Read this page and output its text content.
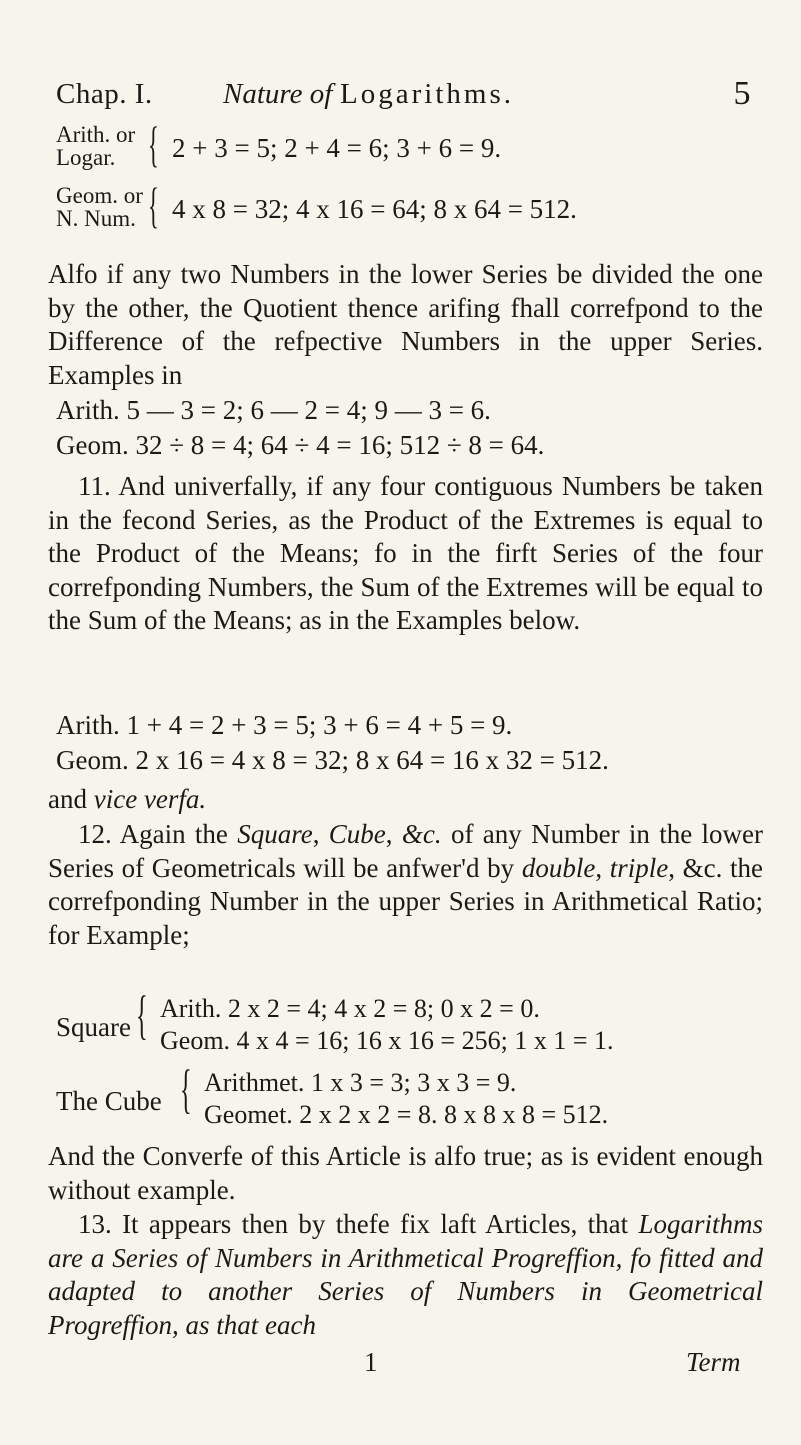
Chap. I. Nature of Logarithms.	5
Arith. or
Logar. { 2 + 3 = 5; 2 + 4 = 6; 3 + 6 = 9.
Geom. or
N. Num. { 4 x 8 = 32; 4 x 16 = 64; 8 x 64 = 512.

Alfo if any two Numbers in the lower Series be divided the one by the other, the Quotient thence arifing fhall correfpond to the Difference of the refpective Numbers in the upper Series. Examples in

Arith. 5 — 3 = 2; 6 — 2 = 4; 9 — 3 = 6.
Geom. 32 ÷ 8 = 4; 64 ÷ 4 = 16; 512 ÷ 8 = 64.

11. And univerfally, if any four contiguous Numbers be taken in the fecond Series, as the Product of the Extremes is equal to the Product of the Means; fo in the firft Series of the four correfponding Numbers, the Sum of the Extremes will be equal to the Sum of the Means; as in the Examples below.

Arith. 1 + 4 = 2 + 3 = 5; 3 + 6 = 4 + 5 = 9.
Geom. 2 x 16 = 4 x 8 = 32; 8 x 64 = 16 x 32 = 512.

and vice verfa.

12. Again the Square, Cube, &c. of any Number in the lower Series of Geometricals will be anfwer'd by double, triple, &c. the correfponding Number in the upper Series in Arithmetical Ratio; for Example;

Square { Arith. 2 x 2 = 4; 4 x 2 = 8; 0 x 2 = 0.
Geom. 4 x 4 = 16; 16 x 16 = 256; 1 x 1 = 1.
The Cube { Arithmet. 1 x 3 = 3; 3 x 3 = 9.
Geomet. 2 x 2 x 2 = 8. 8 x 8 x 8 = 512.

And the Converfe of this Article is alfo true; as is evident enough without example.

13. It appears then by thefe fix laft Articles, that Logarithms are a Series of Numbers in Arithmetical Progreffion, fo fitted and adapted to another Series of Numbers in Geometrical Progreffion, as that each

1	Term
